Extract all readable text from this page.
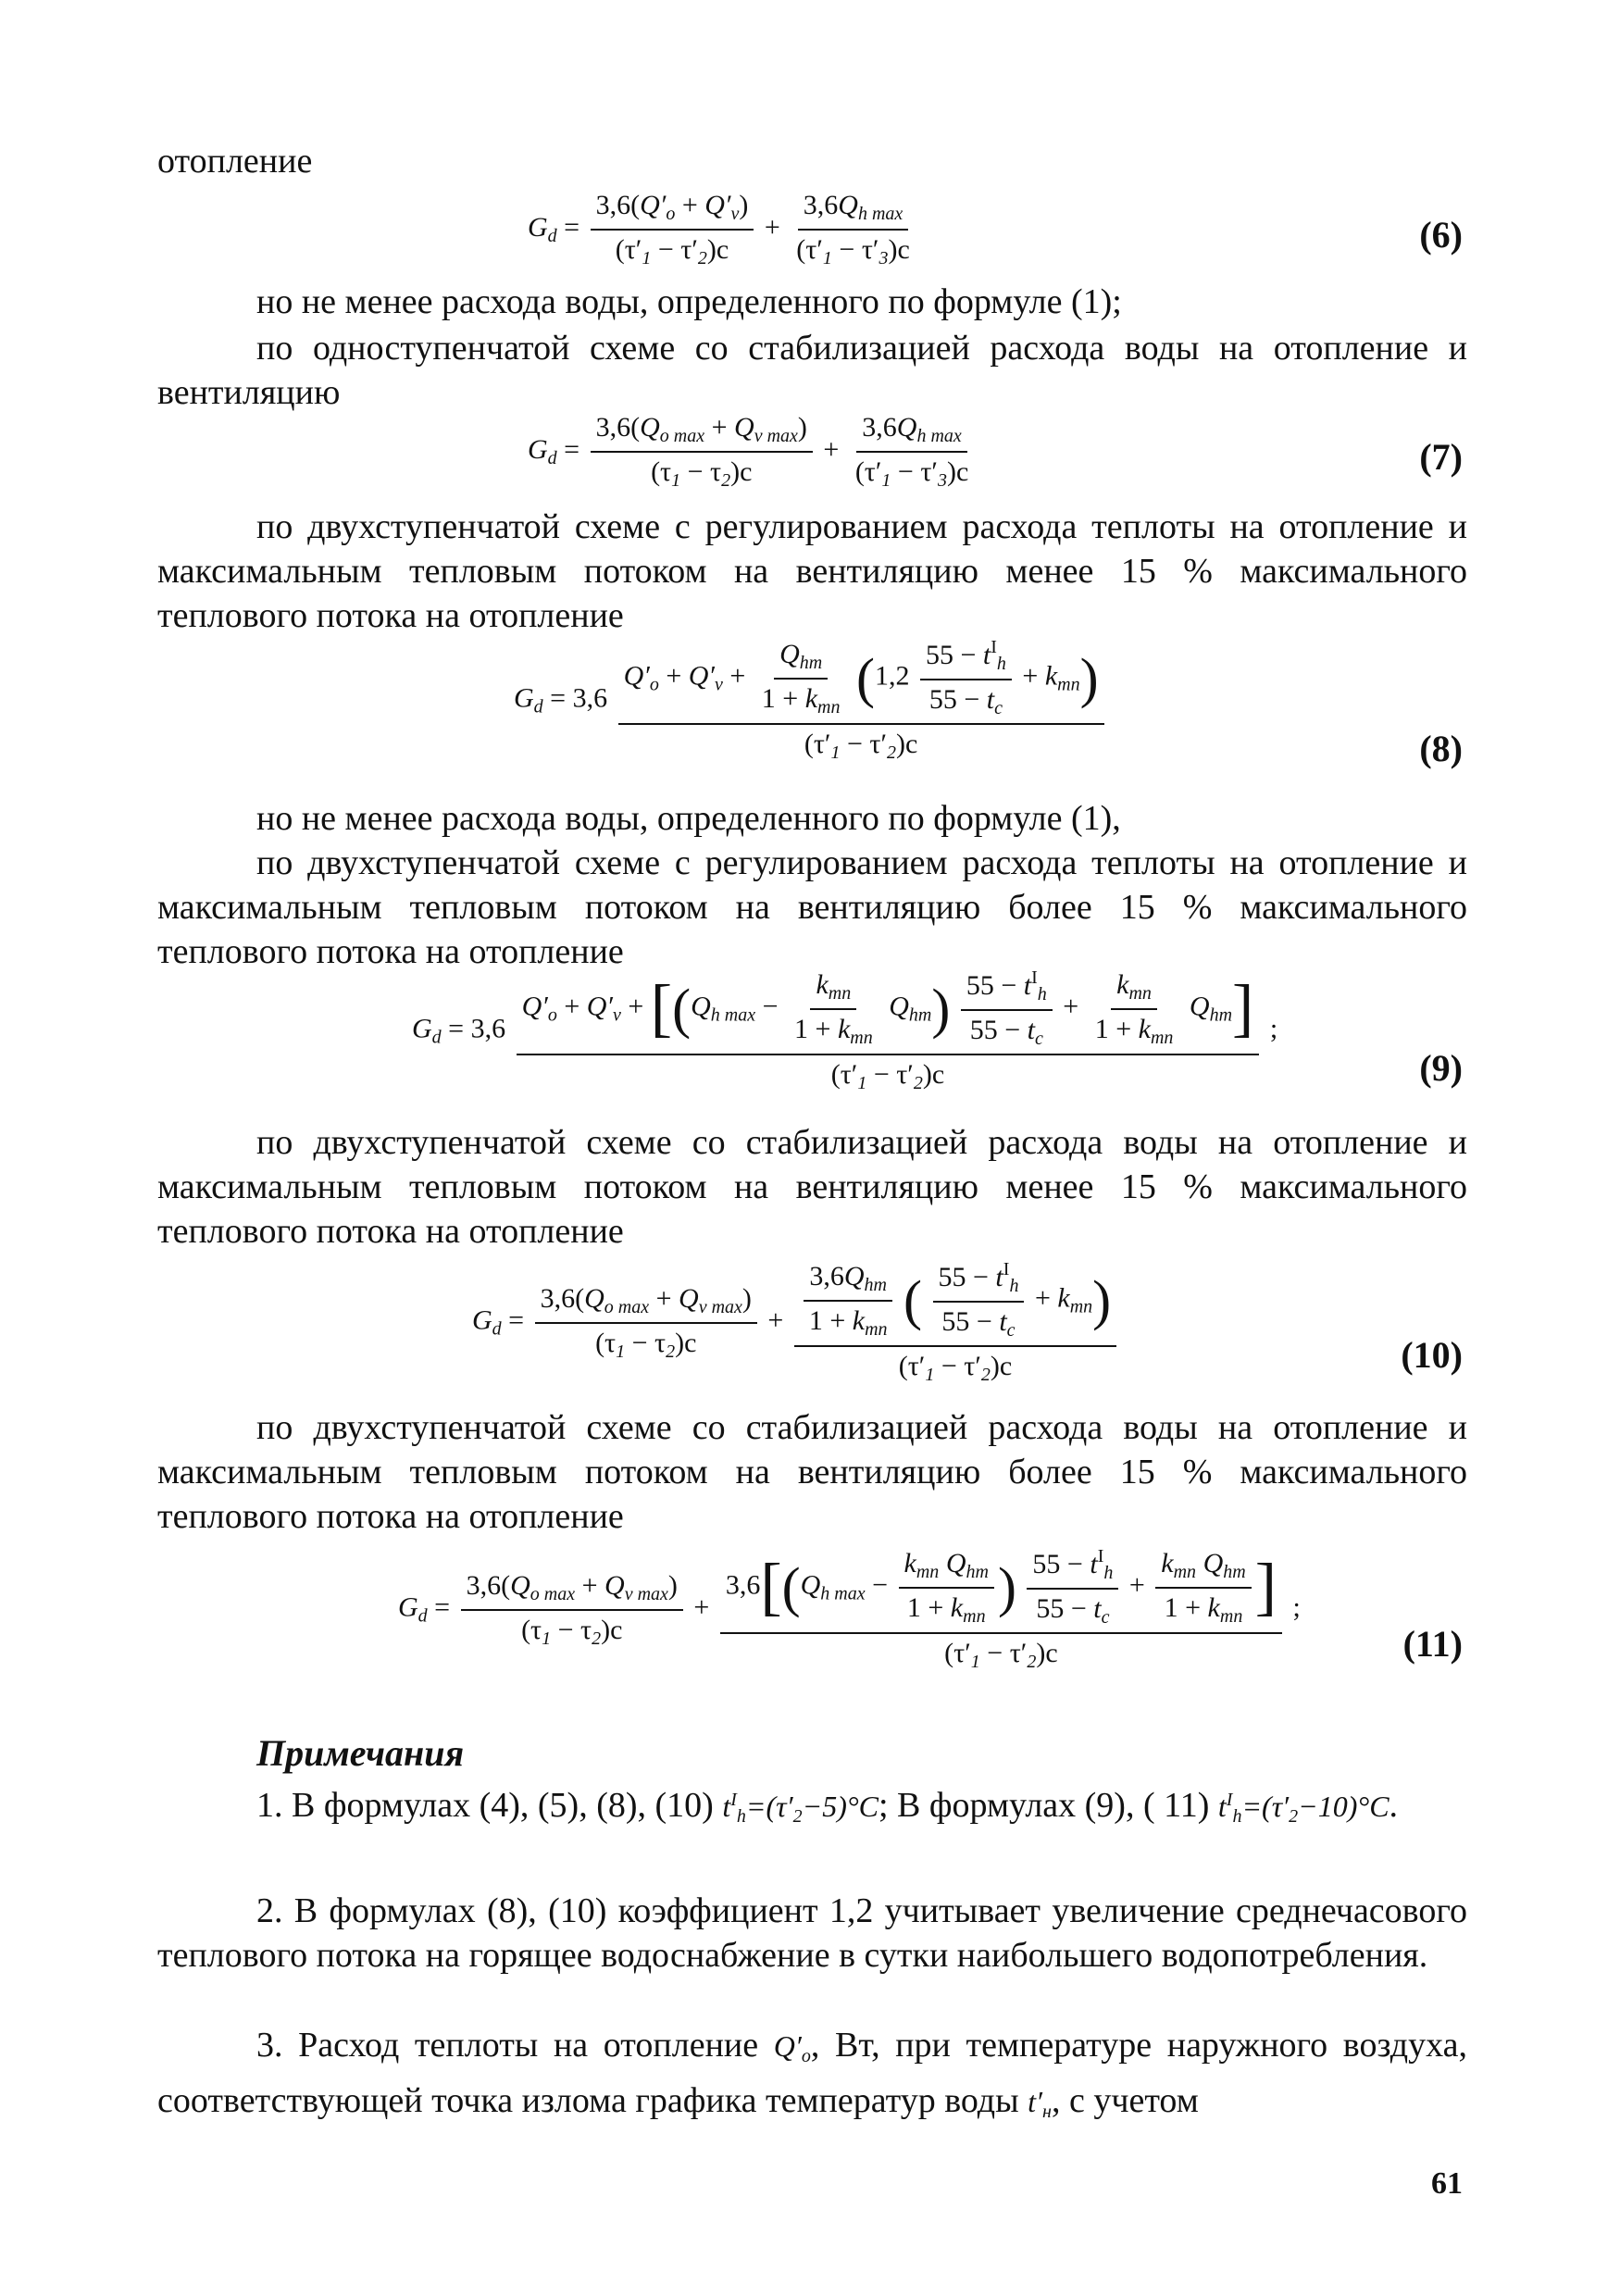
отопление
$G_d = \frac{3,6(Q'_o + Q'_v)}{(\tau'_1 - \tau'_2)c} + \frac{3,6Q_{h max}}{(\tau'_1 - \tau'_3)c}$	(6)
но не менее расхода воды, определенного по формуле (1);
по одноступенчатой схеме со стабилизацией расхода воды на отопление и вентиляцию
$G_d = \frac{3,6(Q_{o max} + Q_{v max})}{(\tau_1 - \tau_2)c} + \frac{3,6Q_{h max}}{(\tau'_1 - \tau'_3)c}$	(7)
по двухступенчатой схеме с регулированием расхода теплоты на отопление и максимальным тепловым потоком на вентиляцию менее 15 % максимального теплового потока на отопление
$G_d = 3,6$
$Q'_o + Q'_v + \frac{Q_{hm}}{1 + k_{mn}} (1,2 \frac{55 - t^I_h}{55 - t_c} + k_{mn})$
$(\tau'_1 - \tau'_2)c$	(8)
но не менее расхода воды, определенного по формуле (1),
по двухступенчатой схеме с регулированием расхода теплоты на отопление и максимальным тепловым потоком на вентиляцию более 15 % максимального теплового потока на отопление
$G_d = 3,6$
$Q'_o + Q'_v + [(Q_{h max} - \frac{k_{mn}}{1 + k_{mn}} Q_{hm}) \frac{55 - t^I_h}{55 - t_c} + \frac{k_{mn}}{1 + k_{mn}} Q_{hm}]$
$(\tau'_1 - \tau'_2)c$
;
(9)
по двухступенчатой схеме со стабилизацией расхода воды на отопление и максимальным тепловым потоком на вентиляцию менее 15 % максимального теплового потока на отопление
$G_d = \frac{3,6(Q_{o max} + Q_{v max})}{(\tau_1 - \tau_2)c} + \frac{\frac{3,6Q_{hm}}{1 + k_{mn}} ( \frac{55 - t^I_h}{55 - t_c} + k_{mn})}{(\tau'_1 - \tau'_2)c}$	(10)
по двухступенчатой схеме со стабилизацией расхода воды на отопление и максимальным тепловым потоком на вентиляцию более 15 % максимального теплового потока на отопление
$G_d = \frac{3,6(Q_{o max} + Q_{v max})}{(\tau_1 - \tau_2)c}$ +
$3,6[(Q_{h max} - \frac{k_{mn} Q_{hm}}{1 + k_{mn}}$ ) $\frac{55 - t^I_h}{55 - t_c} + \frac{k_{mn} Q_{hm}}{1 + k_{mn}}$ ]
$(\tau'_1 - \tau'_2)c$
;
(11)
Примечания
1. В формулах (4), (5), (8), (10) $t^I_h=(\tau'_2-5)^\circ C$; В формулах (9), ( 11) $t^I_h=(\tau'_2-10)^\circ C$.
2. В формулах (8), (10) коэффициент 1,2 учитывает увеличение среднечасового теплового потока на горящее водоснабжение в сутки наибольшего водопотребления.
3. Расход теплоты на отопление $Q'_o$, Вт, при температуре наружного воздуха, соответствующей точка излома графика температур воды $t'_н$, с учетом
61
